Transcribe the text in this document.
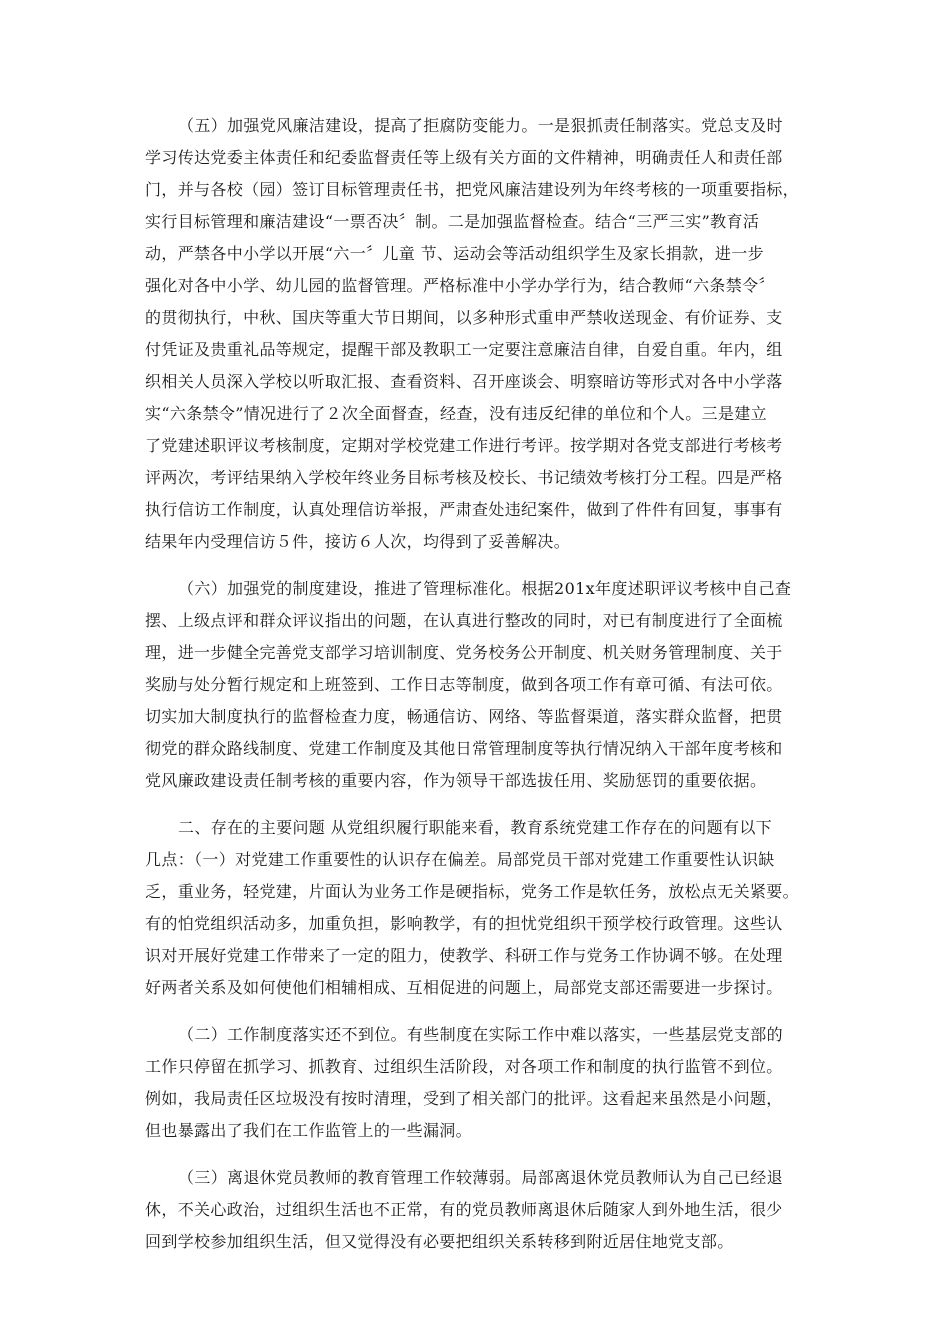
（五）加强党风廉洁建设，提高了拒腐防变能力。一是狠抓责任制落实。党总支及时
学习传达党委主体责任和纪委监督责任等上级有关方面的文件精神，明确责任人和责任部
门，并与各校（园）签订目标管理责任书，把党风廉洁建设列为年终考核的一项重要指标，
实行目标管理和廉洁建设“一票否决〞制。二是加强监督检查。结合“三严三实”教育活
动，严禁各中小学以开展“六一〞儿童 节、运动会等活动组织学生及家长捐款，进一步
强化对各中小学、幼儿园的监督管理。严格标准中小学办学行为，结合教师“六条禁令〞
的贯彻执行，中秋、国庆等重大节日期间，以多种形式重申严禁收送现金、有价证券、支
付凭证及贵重礼品等规定，提醒干部及教职工一定要注意廉洁自律，自爱自重。年内，组
织相关人员深入学校以听取汇报、查看资料、召开座谈会、明察暗访等形式对各中小学落
实“六条禁令”情况进行了２次全面督查，经查，没有违反纪律的单位和个人。三是建立
了党建述职评议考核制度，定期对学校党建工作进行考评。按学期对各党支部进行考核考
评两次，考评结果纳入学校年终业务目标考核及校长、书记绩效考核打分工程。四是严格
执行信访工作制度，认真处理信访举报，严肃查处违纪案件，做到了件件有回复，事事有
结果年内受理信访５件，接访６人次，均得到了妥善解决。
（六）加强党的制度建设，推进了管理标准化。根据201x年度述职评议考核中自己查
摆、上级点评和群众评议指出的问题，在认真进行整改的同时，对已有制度进行了全面梳
理，进一步健全完善党支部学习培训制度、党务校务公开制度、机关财务管理制度、关于
奖励与处分暂行规定和上班签到、工作日志等制度，做到各项工作有章可循、有法可依。
切实加大制度执行的监督检查力度，畅通信访、网络、等监督渠道，落实群众监督，把贯
彻党的群众路线制度、党建工作制度及其他日常管理制度等执行情况纳入干部年度考核和
党风廉政建设责任制考核的重要内容，作为领导干部选拔任用、奖励惩罚的重要依据。
二、存在的主要问题 从党组织履行职能来看，教育系统党建工作存在的问题有以下
几点：（一）对党建工作重要性的认识存在偏差。局部党员干部对党建工作重要性认识缺
乏，重业务，轻党建，片面认为业务工作是硬指标，党务工作是软任务，放松点无关紧要。
有的怕党组织活动多，加重负担，影响教学，有的担忧党组织干预学校行政管理。这些认
识对开展好党建工作带来了一定的阻力，使教学、科研工作与党务工作协调不够。在处理
好两者关系及如何使他们相辅相成、互相促进的问题上，局部党支部还需要进一步探讨。
（二）工作制度落实还不到位。有些制度在实际工作中难以落实，一些基层党支部的
工作只停留在抓学习、抓教育、过组织生活阶段，对各项工作和制度的执行监管不到位。
例如，我局责任区垃圾没有按时清理，受到了相关部门的批评。这看起来虽然是小问题，
但也暴露出了我们在工作监管上的一些漏洞。
（三）离退休党员教师的教育管理工作较薄弱。局部离退休党员教师认为自己已经退
休，不关心政治，过组织生活也不正常，有的党员教师离退休后随家人到外地生活，很少
回到学校参加组织生活，但又觉得没有必要把组织关系转移到附近居住地党支部。
